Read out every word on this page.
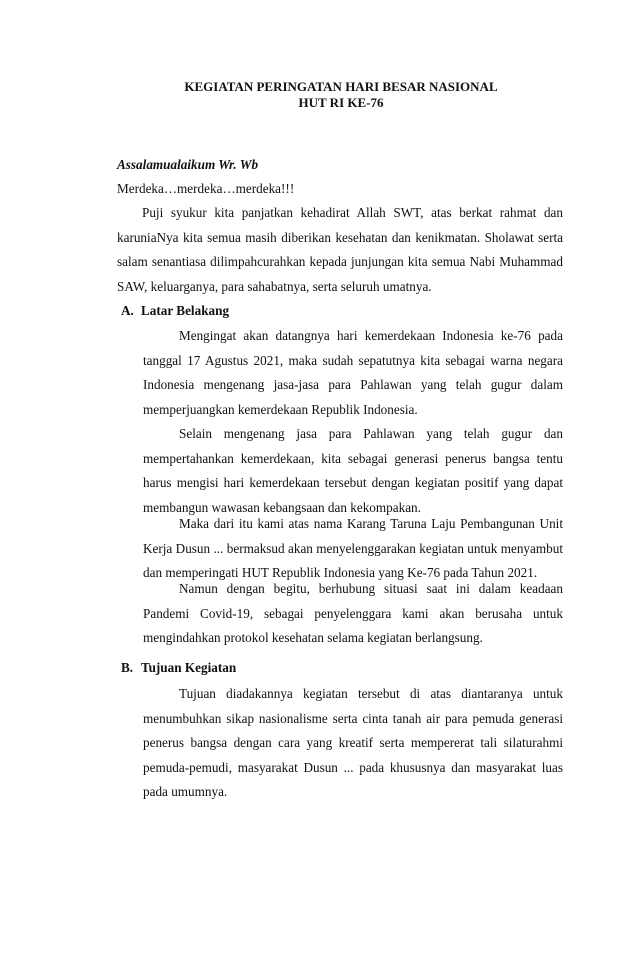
KEGIATAN PERINGATAN HARI BESAR NASIONAL
HUT RI KE-76
Assalamualaikum Wr. Wb
Merdeka…merdeka…merdeka!!!

Puji syukur kita panjatkan kehadirat Allah SWT, atas berkat rahmat dan karuniaNya kita semua masih diberikan kesehatan dan kenikmatan. Sholawat serta salam senantiasa dilimpahcurahkan kepada junjungan kita semua Nabi Muhammad SAW, keluarganya, para sahabatnya, serta seluruh umatnya.

A. Latar Belakang

Mengingat akan datangnya hari kemerdekaan Indonesia ke-76 pada tanggal 17 Agustus 2021, maka sudah sepatutnya kita sebagai warna negara Indonesia mengenang jasa-jasa para Pahlawan yang telah gugur dalam memperjuangkan kemerdekaan Republik Indonesia.

Selain mengenang jasa para Pahlawan yang telah gugur dan mempertahankan kemerdekaan, kita sebagai generasi penerus bangsa tentu harus mengisi hari kemerdekaan tersebut dengan kegiatan positif yang dapat membangun wawasan kebangsaan dan kekompakan.

Maka dari itu kami atas nama Karang Taruna Laju Pembangunan Unit Kerja Dusun ... bermaksud akan menyelenggarakan kegiatan untuk menyambut dan memperingati HUT Republik Indonesia yang Ke-76 pada Tahun 2021.

Namun dengan begitu, berhubung situasi saat ini dalam keadaan Pandemi Covid-19, sebagai penyelenggara kami akan berusaha untuk mengindahkan protokol kesehatan selama kegiatan berlangsung.

B. Tujuan Kegiatan

Tujuan diadakannya kegiatan tersebut di atas diantaranya untuk menumbuhkan sikap nasionalisme serta cinta tanah air para pemuda generasi penerus bangsa dengan cara yang kreatif serta mempererat tali silaturahmi pemuda-pemudi, masyarakat Dusun ... pada khususnya dan masyarakat luas pada umumnya.
